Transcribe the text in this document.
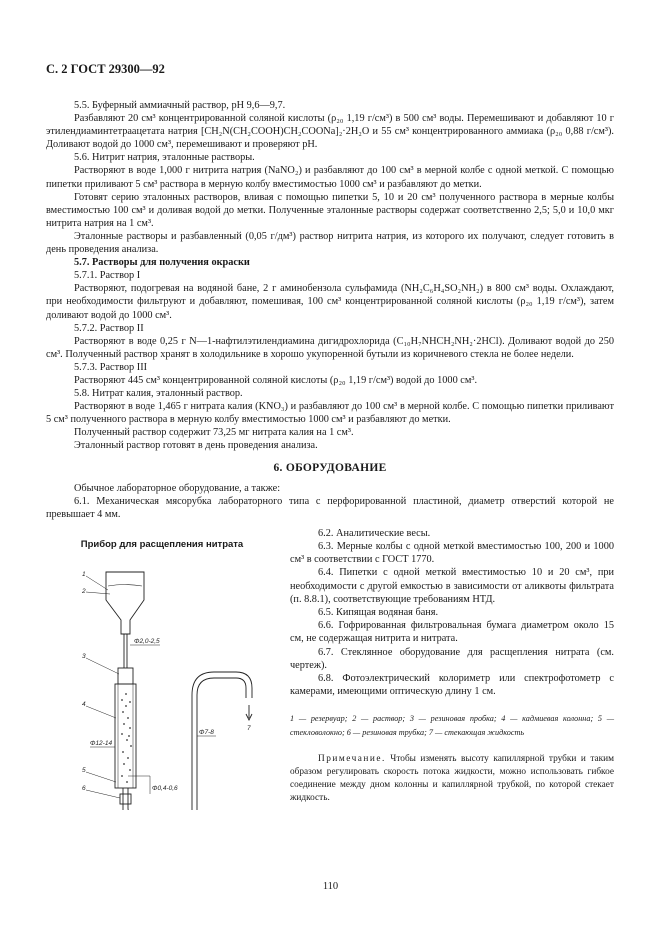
С. 2 ГОСТ 29300—92

5.5. Буферный аммиачный раствор, pH 9,6—9,7.

Разбавляют 20 см³ концентрированной соляной кислоты (ρ₂₀ 1,19 г/см³) в 500 см³ воды. Перемешивают и добавляют 10 г этилендиаминтетраацетата натрия [CH₂N(CH₂COOH)CH₂COONa]₂·2H₂O и 55 см³ концентрированного аммиака (ρ₂₀ 0,88 г/см³). Доливают водой до 1000 см³, перемешивают и проверяют pH.

5.6. Нитрит натрия, эталонные растворы.

Растворяют в воде 1,000 г нитрита натрия (NaNO₂) и разбавляют до 100 см³ в мерной колбе с одной меткой. С помощью пипетки приливают 5 см³ раствора в мерную колбу вместимостью 1000 см³ и разбавляют до метки.

Готовят серию эталонных растворов, вливая с помощью пипетки 5, 10 и 20 см³ полученного раствора в мерные колбы вместимостью 100 см³ и доливая водой до метки. Полученные эталонные растворы содержат соответственно 2,5; 5,0 и 10,0 мкг нитрита натрия на 1 см³.

Эталонные растворы и разбавленный (0,05 г/дм³) раствор нитрита натрия, из которого их получают, следует готовить в день проведения анализа.

5.7. Растворы для получения окраски

5.7.1. Раствор I

Растворяют, подогревая на водяной бане, 2 г аминобензола сульфамида (NH₂C₆H₄SO₂NH₂) в 800 см³ воды. Охлаждают, при необходимости фильтруют и добавляют, помешивая, 100 см³ концентрированной соляной кислоты (ρ₂₀ 1,19 г/см³), затем доливают водой до 1000 см³.

5.7.2. Раствор II

Растворяют в воде 0,25 г N—1-нафтилэтилендиамина дигидрохлорида (C₁₀H₇NHCH₂NH₂·2HCl). Доливают водой до 250 см³. Полученный раствор хранят в холодильнике в хорошо укупоренной бутыли из коричневого стекла не более недели.

5.7.3. Раствор III

Растворяют 445 см³ концентрированной соляной кислоты (ρ₂₀ 1,19 г/см³) водой до 1000 см³.

5.8. Нитрат калия, эталонный раствор.

Растворяют в воде 1,465 г нитрата калия (KNO₃) и разбавляют до 100 см³ в мерной колбе. С помощью пипетки приливают 5 см³ полученного раствора в мерную колбу вместимостью 1000 см³ и разбавляют до метки.

Полученный раствор содержит 73,25 мг нитрата калия на 1 см³.

Эталонный раствор готовят в день проведения анализа.

6. ОБОРУДОВАНИЕ

Обычное лабораторное оборудование, а также:

6.1. Механическая мясорубка лабораторного типа с перфорированной пластиной, диаметр отверстий которой не превышает 4 мм.

Прибор для расщепления нитрата
1
2
3
4
5
6
7
Φ2,0-2,5
Φ12-14
Φ7-8
Φ0,4-0,6

6.2. Аналитические весы.

6.3. Мерные колбы с одной меткой вместимостью 100, 200 и 1000 см³ в соответствии с ГОСТ 1770.

6.4. Пипетки с одной меткой вместимостью 10 и 20 см³, при необходимости с другой емкостью в зависимости от аликвоты фильтрата (п. 8.8.1), соответствующие требованиям НТД.

6.5. Кипящая водяная баня.

6.6. Гофрированная фильтровальная бумага диаметром около 15 см, не содержащая нитрита и нитрата.

6.7. Стеклянное оборудование для расщепления нитрата (см. чертеж).

6.8. Фотоэлектрический колориметр или спектрофотометр с камерами, имеющими оптическую длину 1 см.

1 — резервуар; 2 — раствор; 3 — резиновая пробка; 4 — кадмиевая колонна; 5 — стекловолокно; 6 — резиновая трубка; 7 — стекающая жидкость

Примечание. Чтобы изменять высоту капиллярной трубки и таким образом регулировать скорость потока жидкости, можно использовать гибкое соединение между дном колонны и капиллярной трубкой, по которой стекает жидкость.

110
